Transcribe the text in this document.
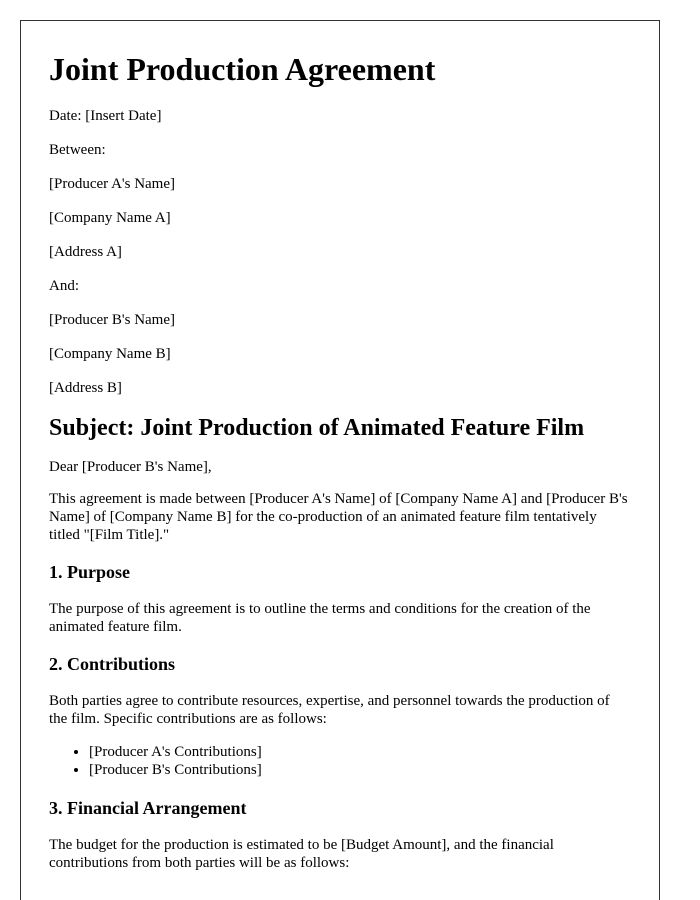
Joint Production Agreement

Date: [Insert Date]

Between:

[Producer A's Name]

[Company Name A]

[Address A]

And:

[Producer B's Name]

[Company Name B]

[Address B]

Subject: Joint Production of Animated Feature Film

Dear [Producer B's Name],

This agreement is made between [Producer A's Name] of [Company Name A] and [Producer B's Name] of [Company Name B] for the co-production of an animated feature film tentatively titled "[Film Title]."

1. Purpose

The purpose of this agreement is to outline the terms and conditions for the creation of the animated feature film.

2. Contributions

Both parties agree to contribute resources, expertise, and personnel towards the production of the film. Specific contributions are as follows:

• [Producer A's Contributions]
• [Producer B's Contributions]
3. Financial Arrangement

The budget for the production is estimated to be [Budget Amount], and the financial contributions from both parties will be as follows:
